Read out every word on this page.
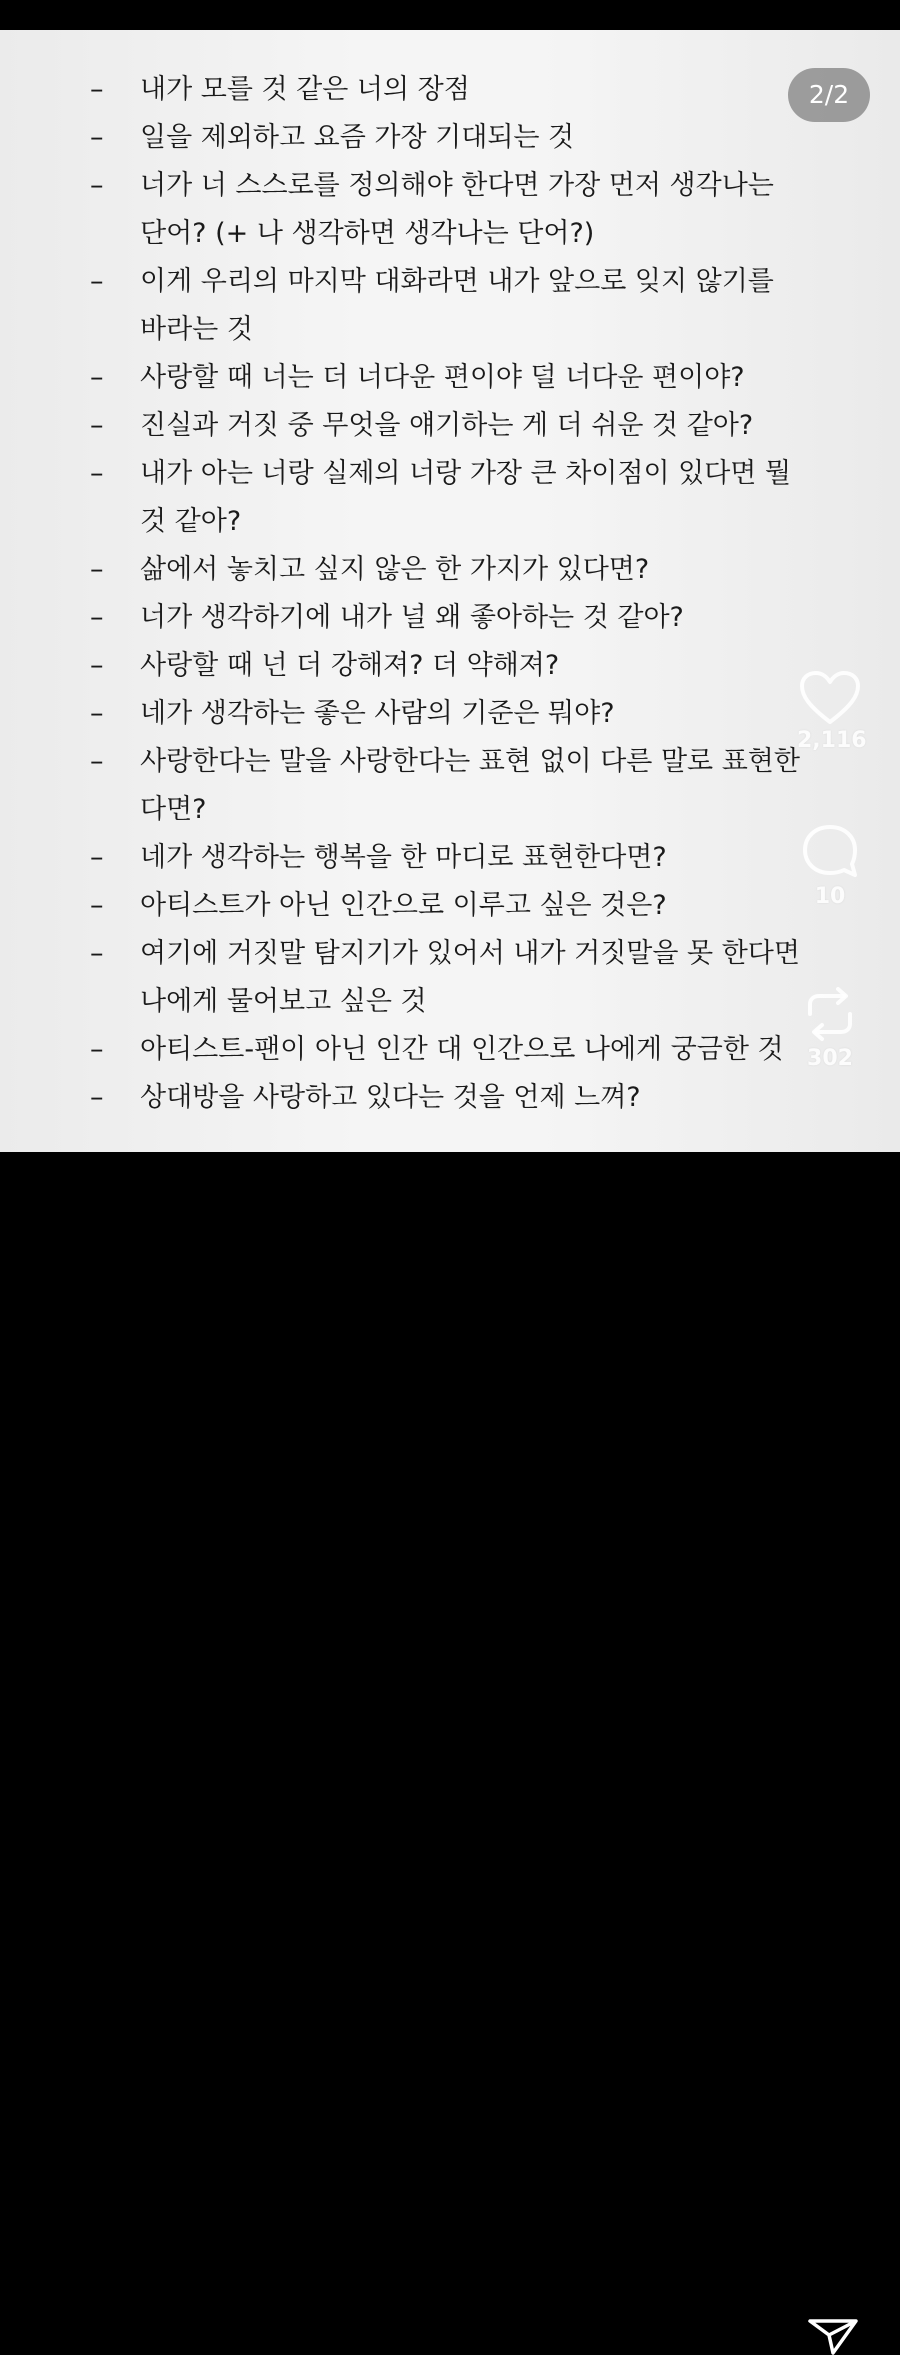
–	내가 모를 것 같은 너의 장점
–	일을 제외하고 요즘 가장 기대되는 것
–	너가 너 스스로를 정의해야 한다면 가장 먼저 생각나는
단어? (+ 나 생각하면 생각나는 단어?)
–	이게 우리의 마지막 대화라면 내가 앞으로 잊지 않기를
바라는 것
–	사랑할 때 너는 더 너다운 편이야 덜 너다운 편이야?
–	진실과 거짓 중 무엇을 얘기하는 게 더 쉬운 것 같아?
–	내가 아는 너랑 실제의 너랑 가장 큰 차이점이 있다면 뭘
것 같아?
–	삶에서 놓치고 싶지 않은 한 가지가 있다면?
–	너가 생각하기에 내가 널 왜 좋아하는 것 같아?
–	사랑할 때 넌 더 강해져? 더 약해져?
–	네가 생각하는 좋은 사람의 기준은 뭐야?
–	사랑한다는 말을 사랑한다는 표현 없이 다른 말로 표현한
다면?
–	네가 생각하는 행복을 한 마디로 표현한다면?
–	아티스트가 아닌 인간으로 이루고 싶은 것은?
–	여기에 거짓말 탐지기가 있어서 내가 거짓말을 못 한다면
나에게 물어보고 싶은 것
–	아티스트-팬이 아닌 인간 대 인간으로 나에게 궁금한 것
–	상대방을 사랑하고 있다는 것을 언제 느껴?
2/2
2,116
10
302
